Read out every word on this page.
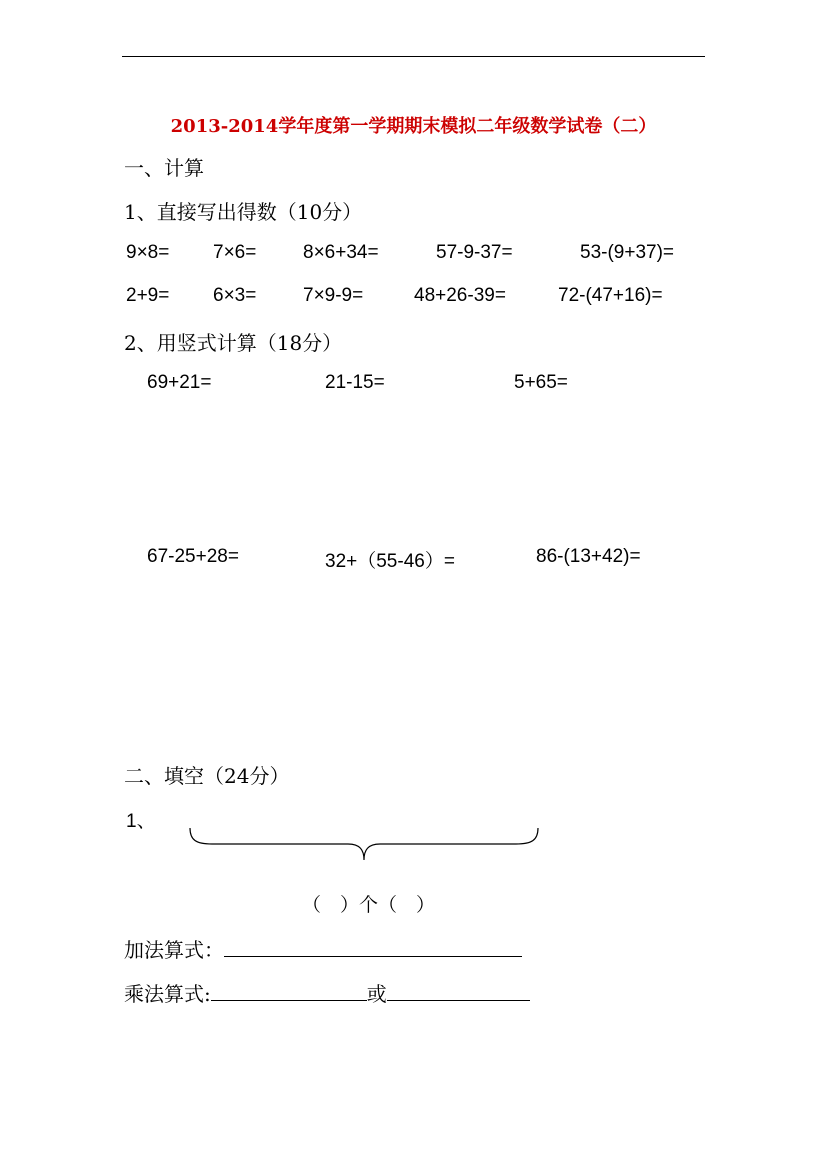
2013-2014学年度第一学期期末模拟二年级数学试卷（二）
一、计算
1、直接写出得数（10分）
9×8= 7×6= 8×6+34=	57-9-37=	53-(9+37)=
2+9= 6×3= 7×9-9=	48+26-39=	72-(47+16)=
2、用竖式计算（18分）
69+21=	21-15=	5+65=
67-25+28=	32+（55-46）=	86-(13+42)=
二、填空（24分）
1、
（　）个（　）
加法算式：
乘法算式:	或
